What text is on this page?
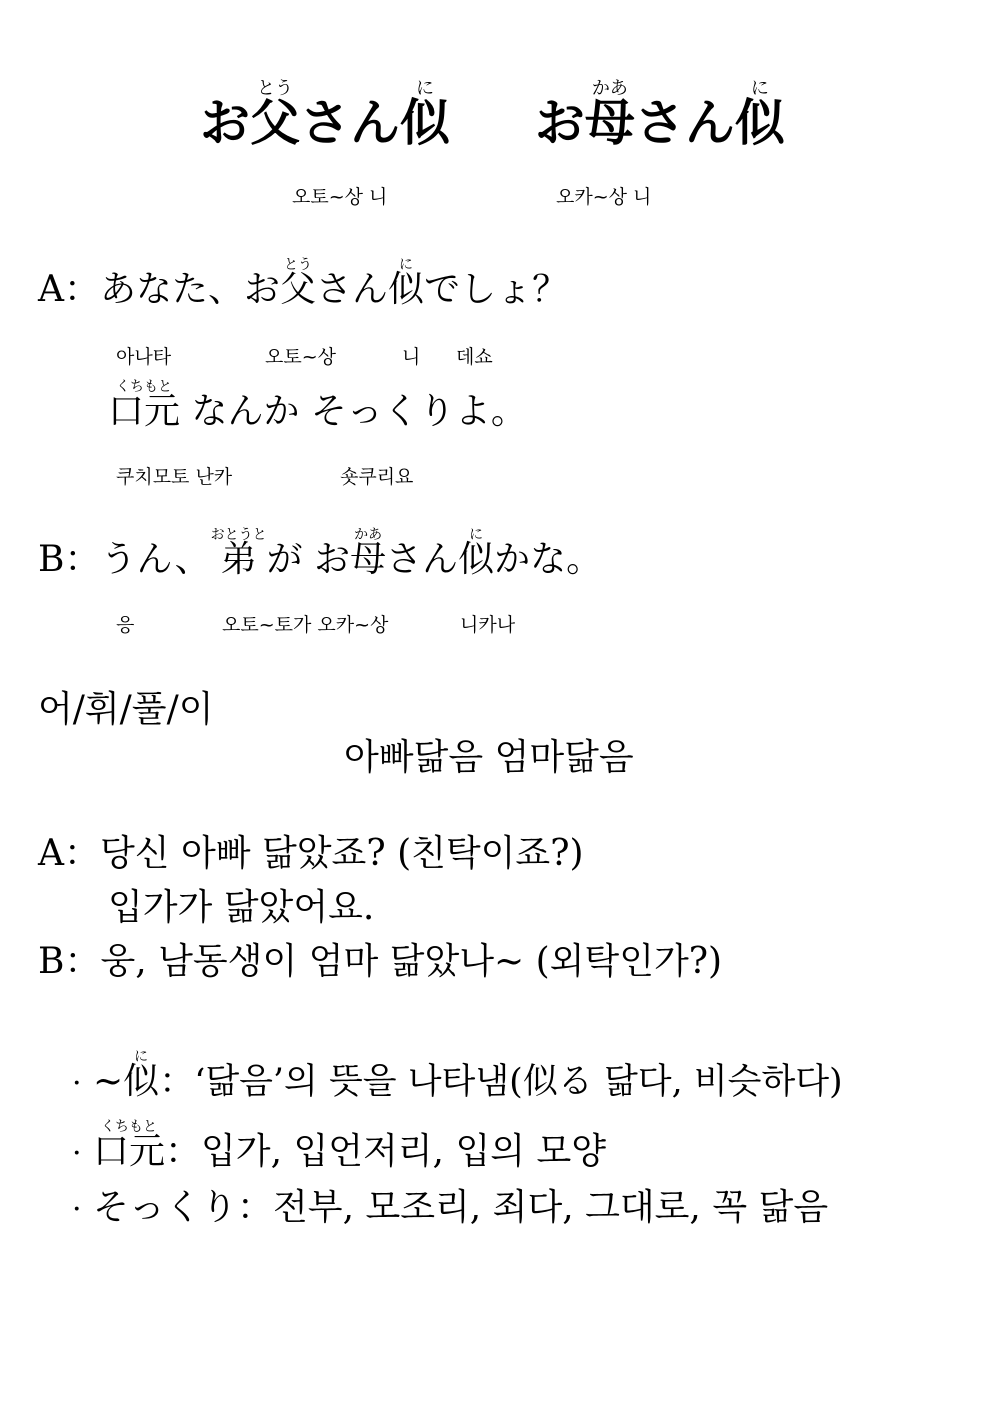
お
とう
父さん
に
似 お
かあ
母さん
に
似
오토~상 니	오카~상 니
A：あなた、お
とう
父さん
に
似でしょ？
아나타	오토~상	니 데쇼
くちもと
口元 なんか そっくりよ。
쿠치모토 난카	숏쿠리요
B：うん、
おとうと
弟 が お
かあ
母さん
に
似かな。
응	오토~토가 오카~상	니카나
어/휘/풀/이
아빠닮음 엄마닮음
A：당신 아빠 닮았죠? (친탁이죠?)
입가가 닮았어요.
B：웅, 남동생이 엄마 닮았나~ (외탁인가?)
· ~
に
似：‘닮음’의 뜻을 나타냄(似る 닮다, 비슷하다)
·
くちもと
口元：입가, 입언저리, 입의 모양
· そっくり：전부, 모조리, 죄다, 그대로, 꼭 닮음
